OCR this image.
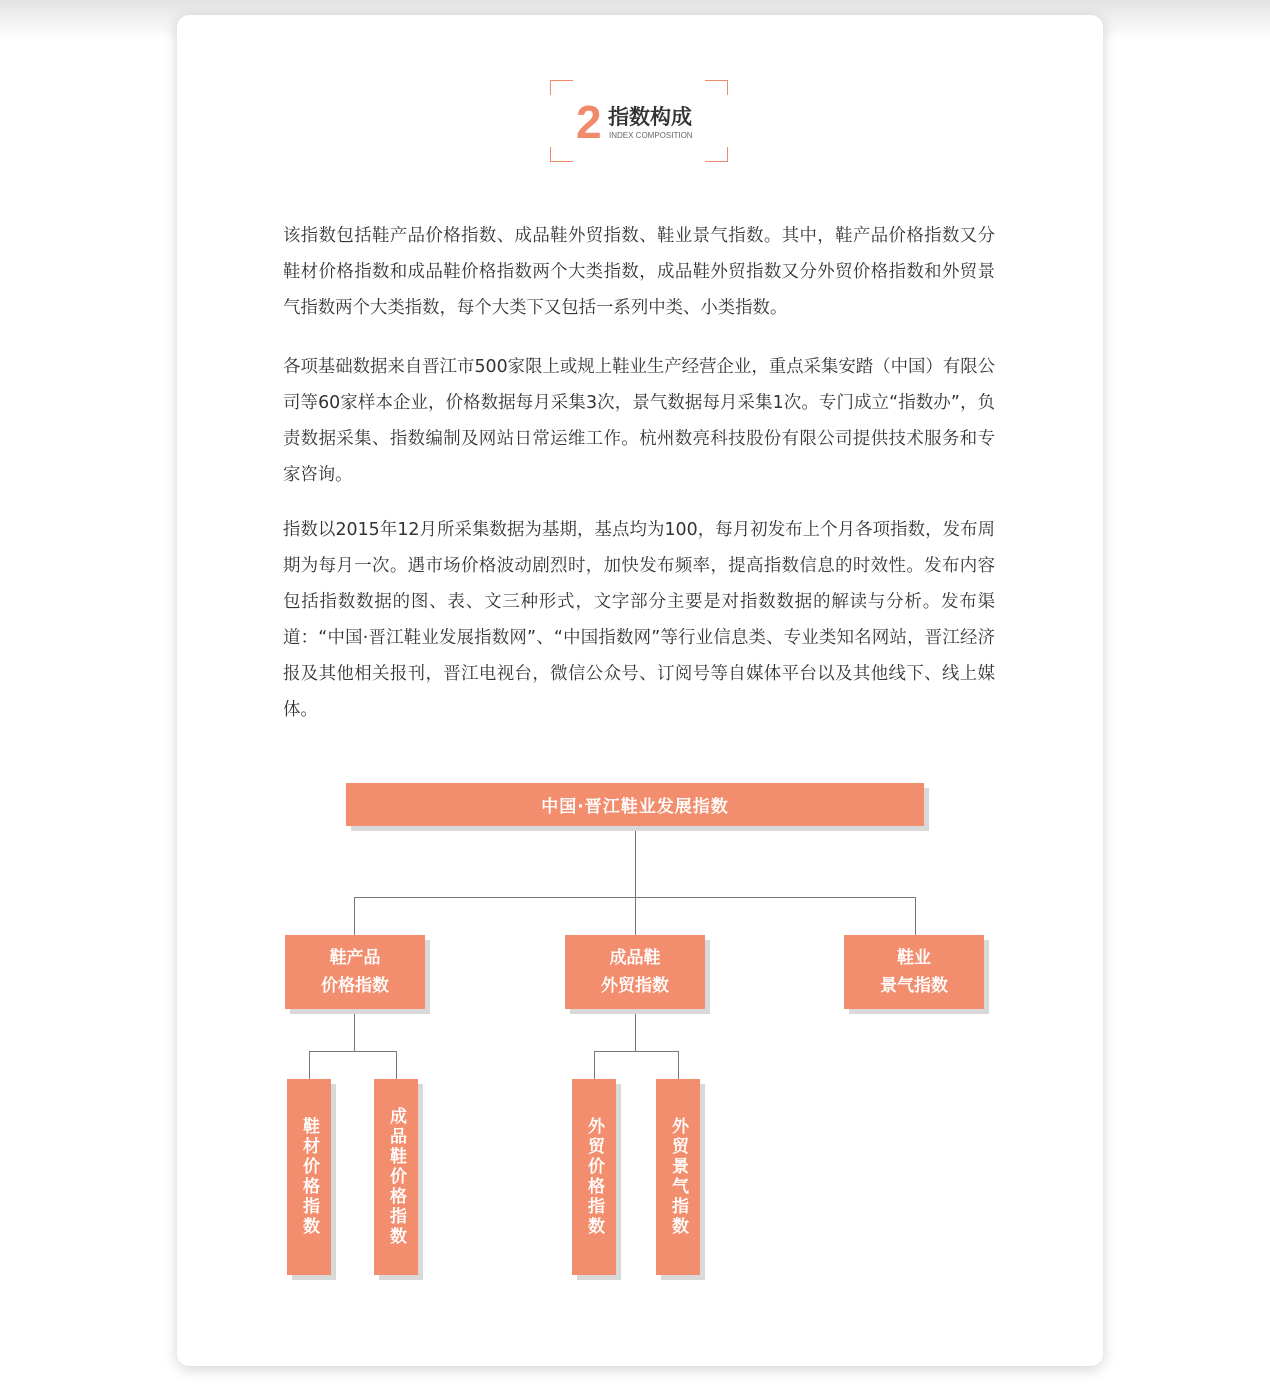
2 指数构成
INDEX COMPOSITION

该指数包括鞋产品价格指数、成品鞋外贸指数、鞋业景气指数。其中，鞋产品价格指数又分鞋材价格指数和成品鞋价格指数两个大类指数，成品鞋外贸指数又分外贸价格指数和外贸景气指数两个大类指数，每个大类下又包括一系列中类、小类指数。

各项基础数据来自晋江市500家限上或规上鞋业生产经营企业，重点采集安踏（中国）有限公司等60家样本企业，价格数据每月采集3次，景气数据每月采集1次。专门成立“指数办”，负责数据采集、指数编制及网站日常运维工作。杭州数亮科技股份有限公司提供技术服务和专家咨询。

指数以2015年12月所采集数据为基期，基点均为100，每月初发布上个月各项指数，发布周期为每月一次。遇市场价格波动剧烈时，加快发布频率，提高指数信息的时效性。发布内容包括指数数据的图、表、文三种形式，文字部分主要是对指数数据的解读与分析。发布渠道：“中国·晋江鞋业发展指数网”、“中国指数网”等行业信息类、专业类知名网站，晋江经济报及其他相关报刊，晋江电视台，微信公众号、订阅号等自媒体平台以及其他线下、线上媒体。

中国·晋江鞋业发展指数
鞋产品
价格指数
成品鞋
外贸指数
鞋业
景气指数
鞋材价格指数	成品鞋价格指数	外贸价格指数	外贸景气指数
